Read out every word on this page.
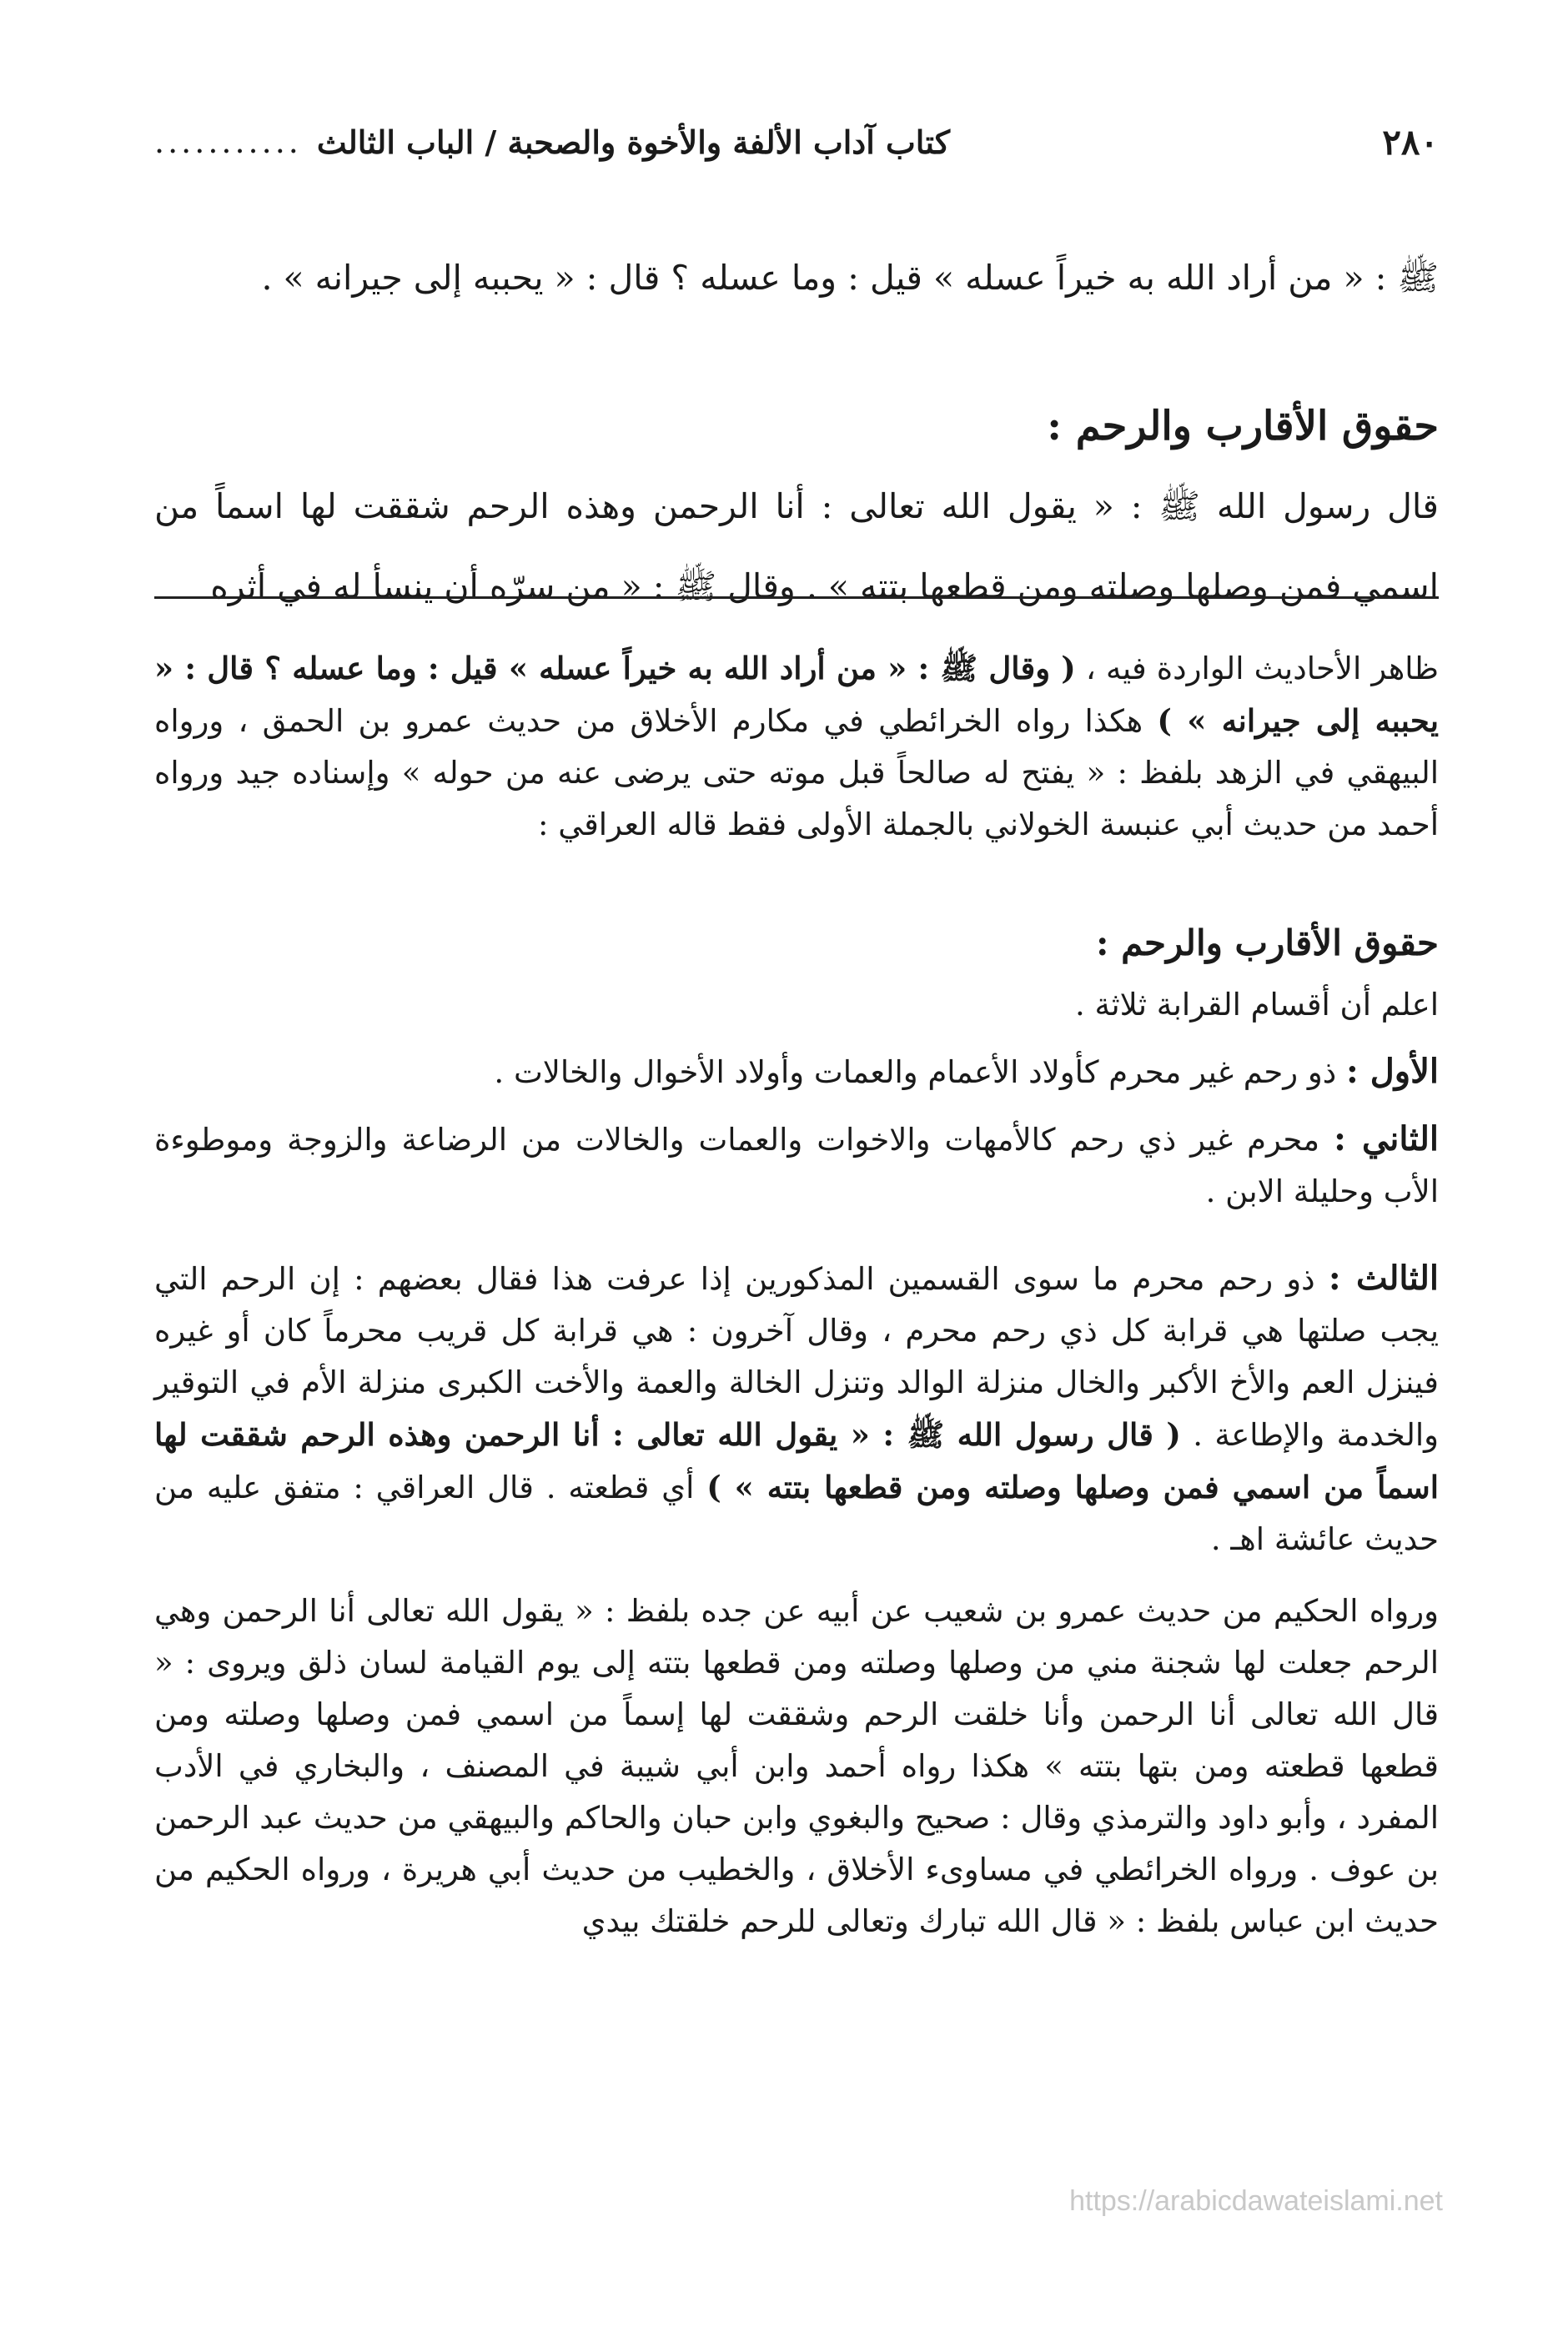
٢٨٠
كتاب آداب الألفة والأخوة والصحبة / الباب الثالث
...........

ﷺ : « من أراد الله به خيراً عسله » قيل : وما عسله ؟ قال : « يحببه إلى جيرانه » .

حقوق الأقارب والرحم :

قال رسول الله ﷺ : « يقول الله تعالى : أنا الرحمن وهذه الرحم شققت لها اسماً من اسمي فمن وصلها وصلته ومن قطعها بتته » . وقال ﷺ : « من سرّه أن ينسأ له في أثره

ظاهر الأحاديث الواردة فيه ، ( وقال ﷺ : « من أراد الله به خيراً عسله » قيل : وما عسله ؟ قال : « يحببه إلى جيرانه » ) هكذا رواه الخرائطي في مكارم الأخلاق من حديث عمرو بن الحمق ، ورواه البيهقي في الزهد بلفظ : « يفتح له صالحاً قبل موته حتى يرضى عنه من حوله » وإسناده جيد ورواه أحمد من حديث أبي عنبسة الخولاني بالجملة الأولى فقط قاله العراقي :

حقوق الأقارب والرحم :

اعلم أن أقسام القرابة ثلاثة .

الأول : ذو رحم غير محرم كأولاد الأعمام والعمات وأولاد الأخوال والخالات .

الثاني : محرم غير ذي رحم كالأمهات والاخوات والعمات والخالات من الرضاعة والزوجة وموطوءة الأب وحليلة الابن .

الثالث : ذو رحم محرم ما سوى القسمين المذكورين إذا عرفت هذا فقال بعضهم : إن الرحم التي يجب صلتها هي قرابة كل ذي رحم محرم ، وقال آخرون : هي قرابة كل قريب محرماً كان أو غيره فينزل العم والأخ الأكبر والخال منزلة الوالد وتنزل الخالة والعمة والأخت الكبرى منزلة الأم في التوقير والخدمة والإطاعة . ( قال رسول الله ﷺ : « يقول الله تعالى : أنا الرحمن وهذه الرحم شققت لها اسماً من اسمي فمن وصلها وصلته ومن قطعها بتته » ) أي قطعته . قال العراقي : متفق عليه من حديث عائشة اهـ .

ورواه الحكيم من حديث عمرو بن شعيب عن أبيه عن جده بلفظ : « يقول الله تعالى أنا الرحمن وهي الرحم جعلت لها شجنة مني من وصلها وصلته ومن قطعها بتته إلى يوم القيامة لسان ذلق ويروى : « قال الله تعالى أنا الرحمن وأنا خلقت الرحم وشققت لها إسماً من اسمي فمن وصلها وصلته ومن قطعها قطعته ومن بتها بتته » هكذا رواه أحمد وابن أبي شيبة في المصنف ، والبخاري في الأدب المفرد ، وأبو داود والترمذي وقال : صحيح والبغوي وابن حبان والحاكم والبيهقي من حديث عبد الرحمن بن عوف . ورواه الخرائطي في مساوىء الأخلاق ، والخطيب من حديث أبي هريرة ، ورواه الحكيم من حديث ابن عباس بلفظ : « قال الله تبارك وتعالى للرحم خلقتك بيدي

https://arabicdawateislami.net
